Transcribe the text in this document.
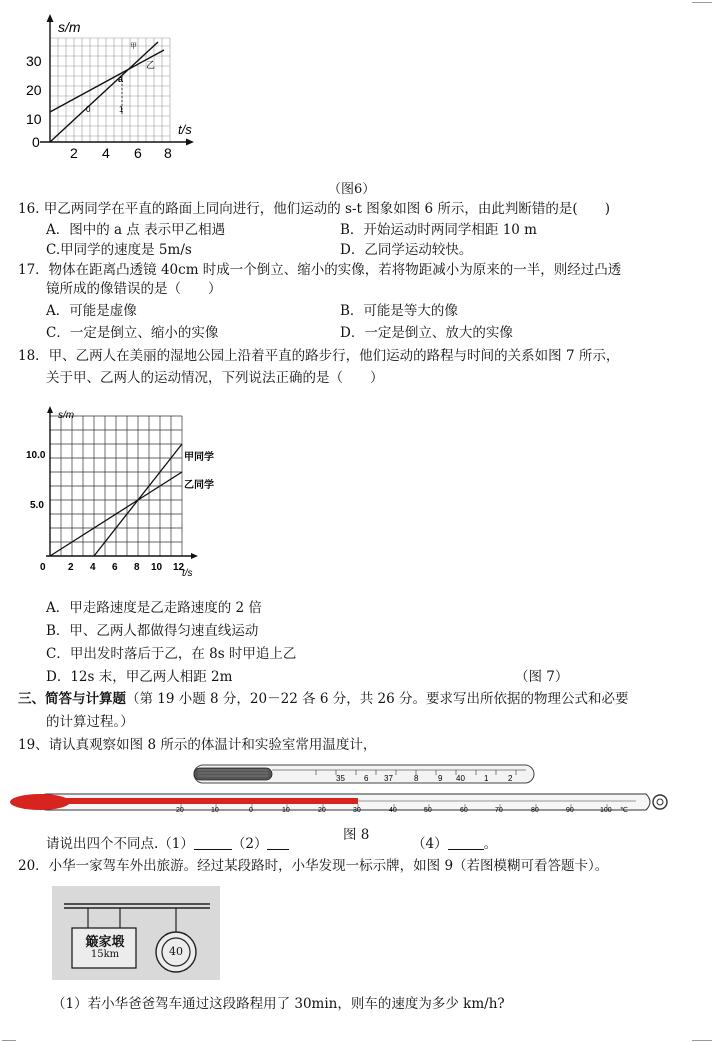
s/m
t/s
30
20
10
0
2 4 6 8
甲
乙
a
0	1
（图6）
16. 甲乙两同学在平直的路面上同向进行，他们运动的 s-t 图象如图 6 所示，由此判断错的是(　　)
A．图中的 a 点 表示甲乙相遇	B．开始运动时两同学相距 10 m
C.甲同学的速度是 5m/s	D．乙同学运动较快。
17．物体在距离凸透镜 40cm 时成一个倒立、缩小的实像，若将物距减小为原来的一半，则经过凸透
镜所成的像错误的是（　　）
A．可能是虚像	B．可能是等大的像
C．一定是倒立、缩小的实像	D．一定是倒立、放大的实像
18．甲、乙两人在美丽的湿地公园上沿着平直的路步行，他们运动的路程与时间的关系如图 7 所示，
关于甲、乙两人的运动情况，下列说法正确的是（　　）
s/m
t/s
10.0
5.0
0 2 4 6 8 10 12
甲同学
乙同学
A．甲走路速度是乙走路速度的 2 倍
B．甲、乙两人都做得匀速直线运动
C．甲出发时落后于乙，在 8s 时甲追上乙
D．12s 末，甲乙两人相距 2m	（图 7）
三、简答与计算题（第 19 小题 8 分，20－22 各 6 分，共 26 分。要求写出所依据的物理公式和必要
的计算过程。）
19、请认真观察如图 8 所示的体温计和实验室常用温度计，
35 6 37	8 9 40 1 2
20	10	0	10	20	30	40	50	60	70	80	90	100 ℃
请说出四个不同点.（1）	（2）
图 8
（4）	。
20．小华一家驾车外出旅游。经过某段路时，小华发现一标示牌，如图 9（若图模糊可看答题卡）。
簸家塅
15km	40
（1）若小华爸爸驾车通过这段路程用了 30min，则车的速度为多少 km/h?
